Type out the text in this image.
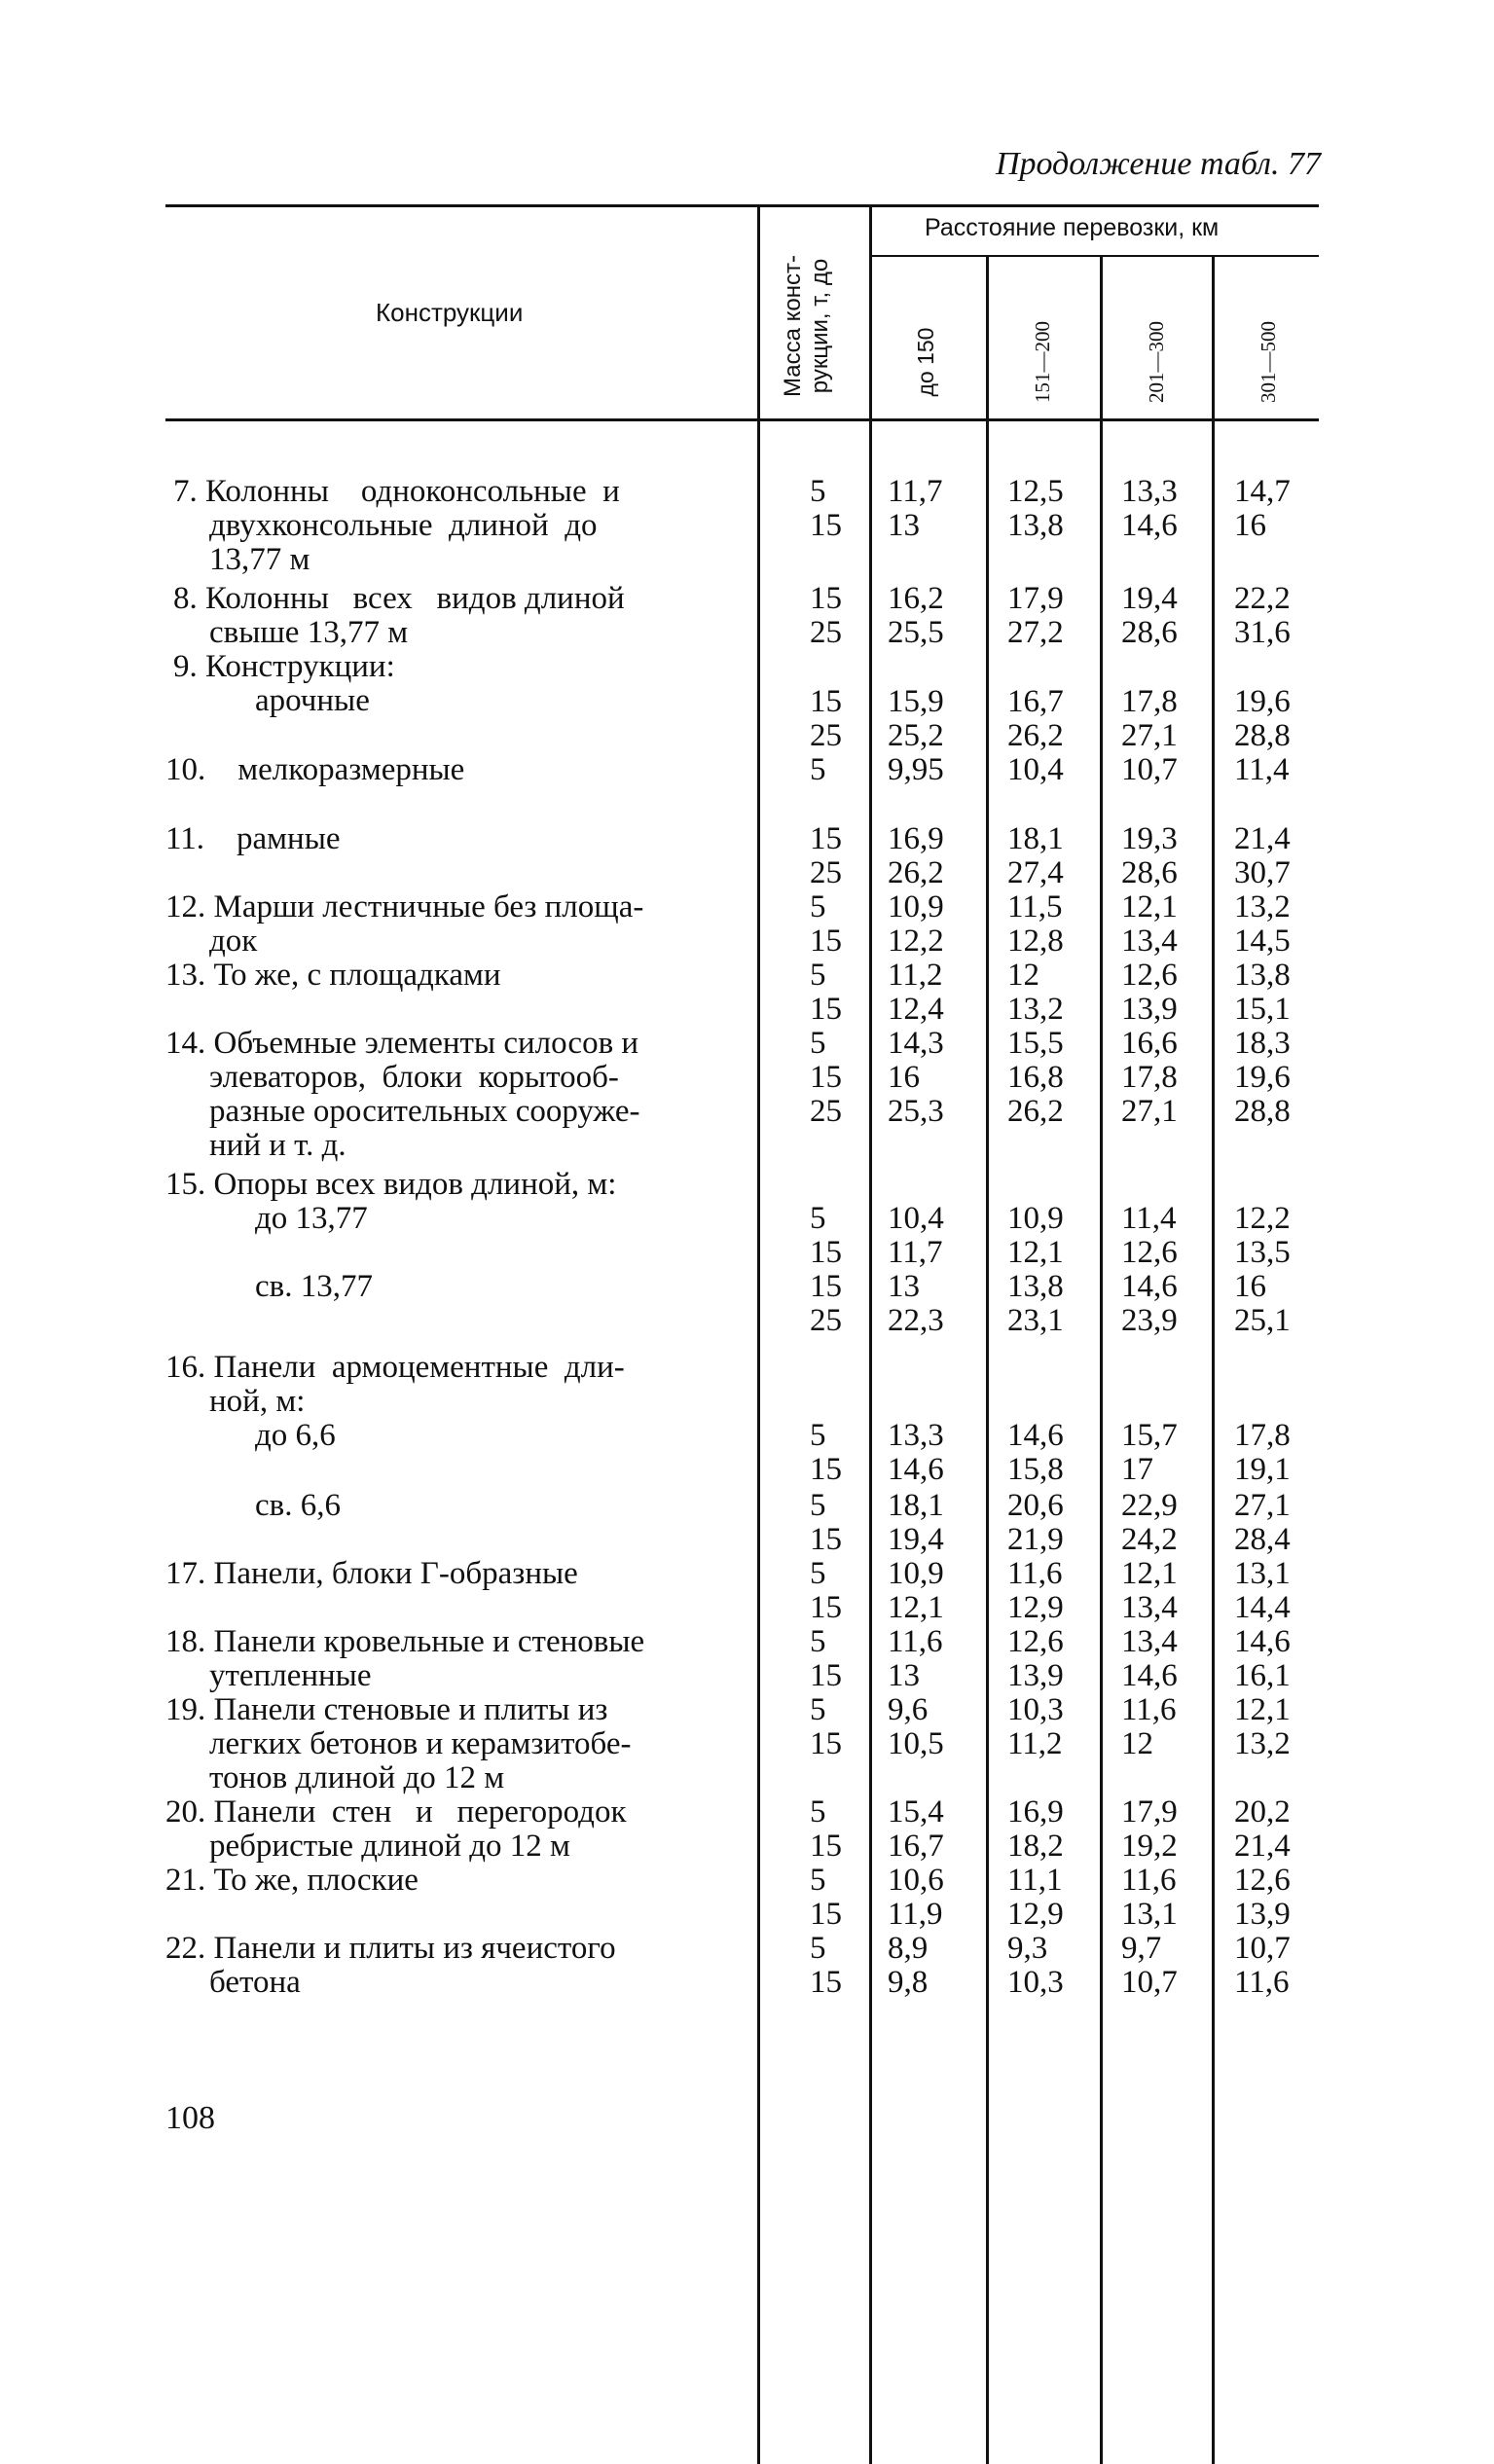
Продолжение табл. 77
Конструкции	Масса конст- рукции, т, до
Расстояние перевозки, км
до 150	151—200	201—300	301—500
7. Колонны    одноконсольные  и
двухконсольные  длиной  до
13,77 м
5 11,7 12,5 13,3 14,7
15 13	13,8 14,6 16
8. Колонны   всех   видов длиной
свыше 13,77 м
15 16,2 17,9 19,4 22,2
25 25,5 27,2 28,6 31,6
9. Конструкции:
арочные	15 15,9 16,7 17,8 19,6
25 25,2 26,2 27,1 28,8
10.    мелкоразмерные	5 9,95 10,4 10,7 11,4
11.    рамные	15 16,9 18,1 19,3 21,4
25 26,2 27,4 28,6 30,7
12. Марши лестничные без площа-
док
5 10,9 11,5 12,1 13,2
15 12,2 12,8 13,4 14,5
13. То же, с площадками	5 11,2 12	12,6 13,8
15 12,4 13,2 13,9 15,1
14. Объемные элементы силосов и
элеваторов,  блоки  корытооб-
разные оросительных сооруже-
ний и т. д.
5 14,3 15,5 16,6 18,3
15 16	16,8 17,8 19,6
25 25,3 26,2 27,1 28,8
15. Опоры всех видов длиной, м:
до 13,77	5 10,4 10,9 11,4 12,2
15 11,7 12,1 12,6 13,5
св. 13,77	15 13	13,8 14,6 16
25 22,3 23,1 23,9 25,1
16. Панели  армоцементные  дли-
ной, м:
до 6,6	5 13,3 14,6 15,7 17,8
15 14,6 15,8 17	19,1
св. 6,6	5 18,1 20,6 22,9 27,1
15 19,4 21,9 24,2 28,4
17. Панели, блоки Г-образные	5 10,9 11,6 12,1 13,1
15 12,1 12,9 13,4 14,4
18. Панели кровельные и стеновые
утепленные
5 11,6 12,6 13,4 14,6
15 13	13,9 14,6 16,1
19. Панели стеновые и плиты из
легких бетонов и керамзитобе-
тонов длиной до 12 м
5 9,6 10,3 11,6 12,1
15 10,5 11,2 12	13,2
20. Панели  стен   и   перегородок
ребристые длиной до 12 м
5 15,4 16,9 17,9 20,2
15 16,7 18,2 19,2 21,4
21. То же, плоские	5 10,6 11,1 11,6 12,6
15 11,9 12,9 13,1 13,9
22. Панели и плиты из ячеистого
бетона
5 8,9 9,3 9,7 10,7
15 9,8 10,3 10,7 11,6
108
